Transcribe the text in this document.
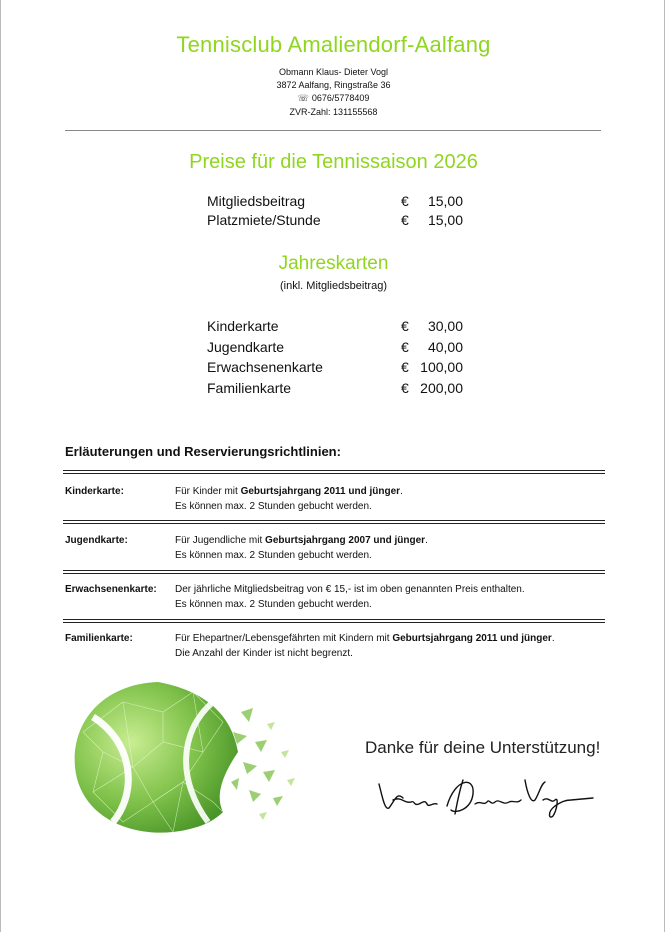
Tennisclub Amaliendorf-Aalfang
Obmann Klaus- Dieter Vogl
3872 Aalfang, Ringstraße 36
☏ 0676/5778409
ZVR-Zahl: 131155568
Preise für die Tennissaison 2026
Mitgliedsbeitrag	€ 15,00
Platzmiete/Stunde	€ 15,00
Jahreskarten
(inkl. Mitgliedsbeitrag)
Kinderkarte	€ 30,00
Jugendkarte	€ 40,00
Erwachsenenkarte	€ 100,00
Familienkarte	€ 200,00
Erläuterungen und Reservierungsrichtlinien:
Kinderkarte:	Für Kinder mit Geburtsjahrgang 2011 und jünger.
Es können max. 2 Stunden gebucht werden.
Jugendkarte:	Für Jugendliche mit Geburtsjahrgang 2007 und jünger.
Es können max. 2 Stunden gebucht werden.
Erwachsenenkarte: Der jährliche Mitgliedsbeitrag von € 15,- ist im oben genannten Preis enthalten.
Es können max. 2 Stunden gebucht werden.
Familienkarte:	Für Ehepartner/Lebensgefährten mit Kindern mit Geburtsjahrgang 2011 und jünger.
Die Anzahl der Kinder ist nicht begrenzt.
Danke für deine Unterstützung!
